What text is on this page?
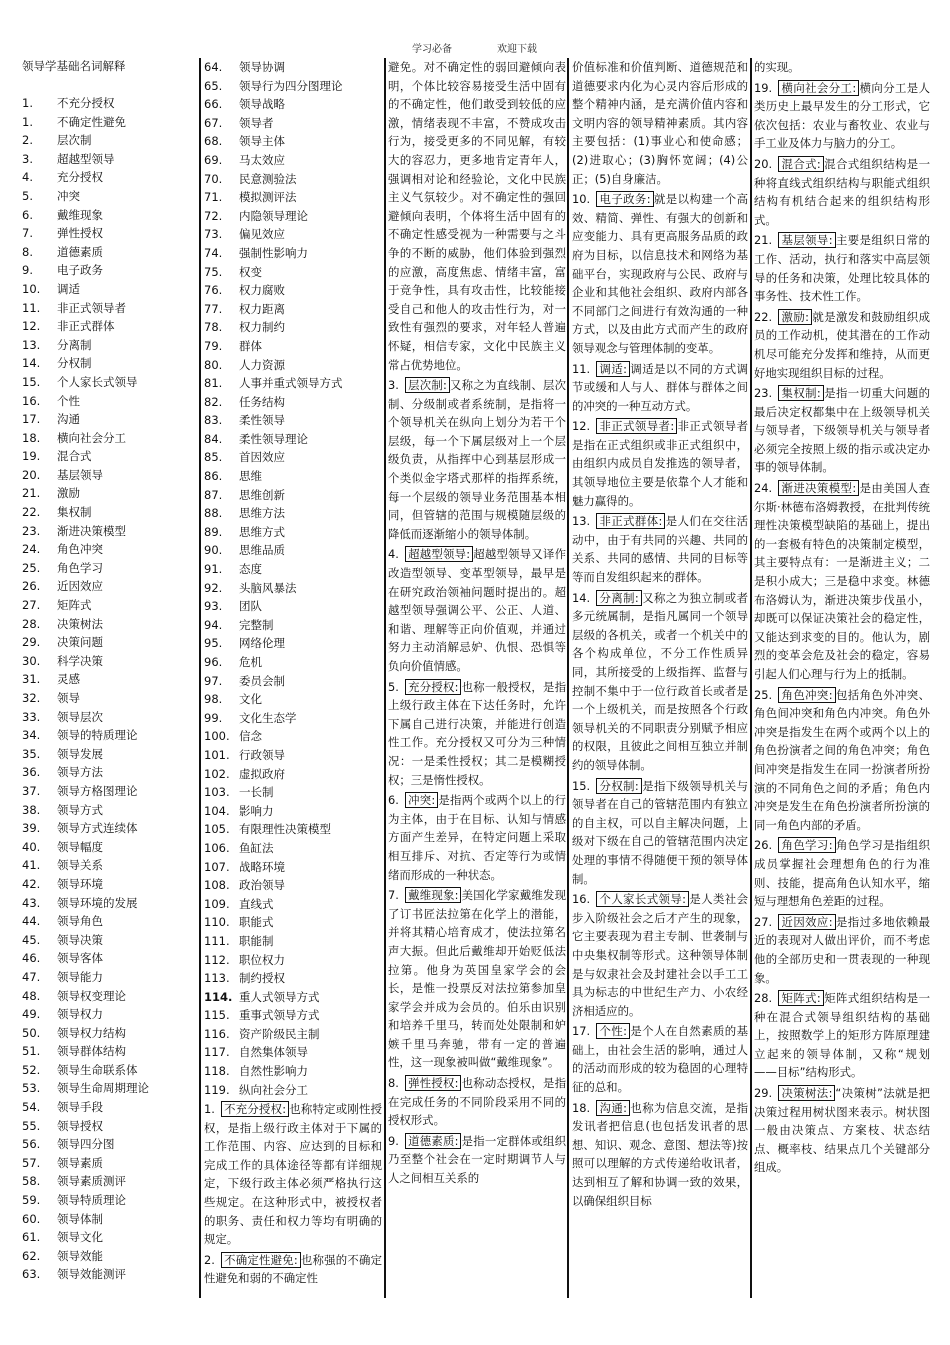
学习必备	欢迎下载
领导学基础名词解释
1.	不充分授权
1.	不确定性避免
2.	层次制
3.	超越型领导
4.	充分授权
5.	冲突
6.	戴维现象
7.	弹性授权
8.	道德素质
9.	电子政务
10.	调适
11.	非正式领导者
12.	非正式群体
13.	分离制
14.	分权制
15.	个人家长式领导
16.	个性
17.	沟通
18.	横向社会分工
19.	混合式
20.	基层领导
21.	激励
22.	集权制
23.	渐进决策模型
24.	角色冲突
25.	角色学习
26.	近因效应
27.	矩阵式
28.	决策树法
29.	决策问题
30.	科学决策
31.	灵感
32.	领导
33.	领导层次
34.	领导的特质理论
35.	领导发展
36.	领导方法
37.	领导方格图理论
38.	领导方式
39.	领导方式连续体
40.	领导幅度
41.	领导关系
42.	领导环境
43.	领导环境的发展
44.	领导角色
45.	领导决策
46.	领导客体
47.	领导能力
48.	领导权变理论
49.	领导权力
50.	领导权力结构
51.	领导群体结构
52.	领导生命联系体
53.	领导生命周期理论
54.	领导手段
55.	领导授权
56.	领导四分图
57.	领导素质
58.	领导素质测评
59.	领导特质理论
60.	领导体制
61.	领导文化
62.	领导效能
63.	领导效能测评
64.	领导协调
65.	领导行为四分图理论
66.	领导战略
67.	领导者
68.	领导主体
69.	马太效应
70.	民意测验法
71.	模拟测评法
72.	内隐领导理论
73.	偏见效应
74.	强制性影响力
75.	权变
76.	权力腐败
77.	权力距离
78.	权力制约
79.	群体
80.	人力资源
81.	人事并重式领导方式
82.	任务结构
83.	柔性领导
84.	柔性领导理论
85.	首因效应
86.	思维
87.	思维创新
88.	思维方法
89.	思维方式
90.	思维品质
91.	态度
92.	头脑风暴法
93.	团队
94.	完整制
95.	网络伦理
96.	危机
97.	委员会制
98.	文化
99.	文化生态学
100. 信念
101. 行政领导
102. 虚拟政府
103. 一长制
104. 影响力
105. 有限理性决策模型
106. 鱼缸法
107. 战略环境
108. 政治领导
109. 直线式
110. 职能式
111. 职能制
112. 职位权力
113. 制约授权
114. 重人式领导方式
115. 重事式领导方式
116. 资产阶级民主制
117. 自然集体领导
118. 自然性影响力
119. 纵向社会分工

1. 不充分授权: 也称特定或刚性授权，是指上级行政主体对于下属的工作范围、内容、应达到的目标和完成工作的具体途径等都有详细规定，下级行政主体必须严格执行这些规定。在这种形式中，被授权者的职务、责任和权力等均有明确的规定。

2. 不确定性避免: 也称强的不确定性避免和弱的不确定性

避免。对不确定性的弱回避倾向表明，个体比较容易接受生活中固有的不确定性，他们敢受到较低的应激，情绪表现不丰富，不赞成攻击行为，接受更多的不同见解，有较大的容忍力，更多地肯定青年人，强调相对论和经验论，文化中民族主义气氛较少。对不确定性的强回避倾向表明，个体将生活中固有的不确定性感受视为一种需要与之斗争的不断的威胁，他们体验到强烈的应激，高度焦虑、情绪丰富，富于竞争性，具有攻击性，比较能接受自己和他人的攻击性行为，对一致性有强烈的要求，对年轻人普遍怀疑，相信专家，文化中民族主义常占优势地位。

3. 层次制: 又称之为直线制、层次制、分级制或者系统制，是指将一个领导机关在纵向上划分为若干个层级，每一个下属层级对上一个层级负责，从指挥中心到基层形成一个类似金字塔式那样的指挥系统，每一个层级的领导业务范围基本相同，但管辖的范围与规模随层级的降低而逐渐缩小的领导体制。

4. 超越型领导: 超越型领导又译作改造型领导、变革型领导，最早是在研究政治领袖问题时提出的。超越型领导强调公平、公正、人道、和谐、理解等正向价值观，并通过努力主动消解忌妒、仇恨、恐惧等负向价值情感。

5. 充分授权: 也称一般授权，是指上级行政主体在下达任务时，允许下属自己进行决策，并能进行创造性工作。充分授权又可分为三种情况：一是柔性授权；其二是模糊授权；三是惰性授权。

6. 冲突: 是指两个或两个以上的行为主体，由于在目标、认知与情感方面产生差异，在特定问题上采取相互排斥、对抗、否定等行为或情绪而形成的一种状态。

7. 戴维现象: 美国化学家戴维发现了订书匠法拉第在化学上的潜能，并将其精心培育成才，使法拉第名声大振。但此后戴维却开始贬低法拉第。他身为英国皇家学会的会长，是惟一投票反对法拉第参加皇家学会并成为会员的。伯乐由识别和培养千里马，转而处处限制和妒嫉千里马奔驰，带有一定的普遍性，这一现象被叫做“戴维现象”。

8. 弹性授权: 也称动态授权，是指在完成任务的不同阶段采用不同的授权形式。

9. 道德素质: 是指一定群体或组织乃至整个社会在一定时期调节人与人之间相互关系的

价值标准和价值判断、道德规范和道德要求内化为心灵内容后形成的整个精神内涵，是充满价值内容和文明内容的领导精神素质。其内容主要包括：(1)事业心和使命感；(2)进取心；(3)胸怀宽阔；(4)公正；(5)自身廉洁。

10. 电子政务: 就是以构建一个高效、精简、弹性、有强大的创新和应变能力、具有更高服务品质的政府为目标，以信息技术和网络为基础平台，实现政府与公民、政府与企业和其他社会组织、政府内部各不同部门之间进行有效沟通的一种方式，以及由此方式而产生的政府领导观念与管理体制的变革。

11. 调适: 调适是以不同的方式调节或缓和人与人、群体与群体之间的冲突的一种互动方式。

12. 非正式领导者: 非正式领导者是指在正式组织或非正式组织中，由组织内成员自发推选的领导者，其领导地位主要是依靠个人才能和魅力赢得的。

13. 非正式群体: 是人们在交往活动中，由于有共同的兴趣、共同的关系、共同的感情、共同的目标等等而自发组织起来的群体。

14. 分离制: 又称之为独立制或者多元统属制，是指凡属同一个领导层级的各机关，或者一个机关中的各个构成单位，不分工作性质异同，其所接受的上级指挥、监督与控制不集中于一位行政首长或者是一个上级机关，而是按照各个行政领导机关的不同职责分别赋予相应的权限，且彼此之间相互独立并制约的领导体制。

15. 分权制: 是指下级领导机关与领导者在自己的管辖范围内有独立的自主权，可以自主解决问题，上级对下级在自己的管辖范围内决定处理的事情不得随便干预的领导体制。

16. 个人家长式领导: 是人类社会步入阶级社会之后才产生的现象，它主要表现为君主专制、世袭制与中央集权制等形式。这种领导体制是与奴隶社会及封建社会以手工工具为标志的中世纪生产力、小农经济相适应的。

17. 个性: 是个人在自然素质的基础上，由社会生活的影响，通过人的活动而形成的较为稳固的心理特征的总和。

18. 沟通: 也称为信息交流，是指发讯者把信息(也包括发讯者的思想、知识、观念、意图、想法等)按照可以理解的方式传递给收讯者，达到相互了解和协调一致的效果，以确保组织目标

的实现。

19. 横向社会分工: 横向分工是人类历史上最早发生的分工形式，它依次包括：农业与畜牧业、农业与手工业及体力与脑力的分工。

20. 混合式: 混合式组织结构是一种将直线式组织结构与职能式组织结构有机结合起来的组织结构形式。

21. 基层领导: 主要是组织日常的工作、活动，执行和落实中高层领导的任务和决策，处理比较具体的事务性、技术性工作。

22. 激励: 就是激发和鼓励组织成员的工作动机，使其潜在的工作动机尽可能充分发挥和维持，从而更好地实现组织目标的过程。

23. 集权制: 是指一切重大问题的最后决定权都集中在上级领导机关与领导者，下级领导机关与领导者必须完全按照上级的指示或决定办事的领导体制。

24. 渐进决策模型: 是由美国人查尔斯·林德布洛姆教授，在批判传统理性决策模型缺陷的基础上，提出的一套极有特色的决策制定模型，其主要特点有：一是渐进主义；二是积小成大；三是稳中求变。林德布洛姆认为，渐进决策步伐虽小，却既可以保证决策社会的稳定性，又能达到求变的目的。他认为，剧烈的变革会危及社会的稳定，容易引起人们心理与行为上的抵制。

25. 角色冲突: 包括角色外冲突、角色间冲突和角色内冲突。角色外冲突是指发生在两个或两个以上的角色扮演者之间的角色冲突；角色间冲突是指发生在同一扮演者所扮演的不同角色之间的矛盾；角色内冲突是发生在角色扮演者所扮演的同一角色内部的矛盾。

26. 角色学习: 角色学习是指组织成员掌握社会理想角色的行为准则、技能，提高角色认知水平，缩短与理想角色差距的过程。

27. 近因效应: 是指过多地依赖最近的表现对人做出评价，而不考虑他的全部历史和一贯表现的一种现象。

28. 矩阵式: 矩阵式组织结构是一种在混合式领导组织结构的基础上，按照数学上的矩形方阵原理建立起来的领导体制，又称“规划——目标”结构形式。

29. 决策树法: “决策树”法就是把决策过程用树状图来表示。树状图一般由决策点、方案枝、状态结点、概率枝、结果点几个关键部分组成。
